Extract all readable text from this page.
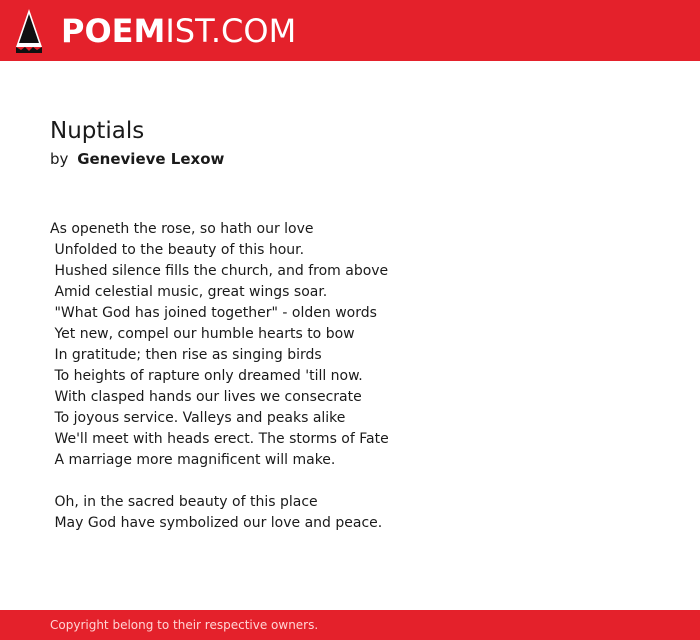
POEMIST.COM
Nuptials
by Genevieve Lexow
As openeth the rose, so hath our love
Unfolded to the beauty of this hour.
Hushed silence fills the church, and from above
Amid celestial music, great wings soar.
"What God has joined together" - olden words
Yet new, compel our humble hearts to bow
In gratitude; then rise as singing birds
To heights of rapture only dreamed 'till now.
With clasped hands our lives we consecrate
To joyous service. Valleys and peaks alike
We'll meet with heads erect. The storms of Fate
A marriage more magnificent will make.
Oh, in the sacred beauty of this place
May God have symbolized our love and peace.
Copyright belong to their respective owners.
